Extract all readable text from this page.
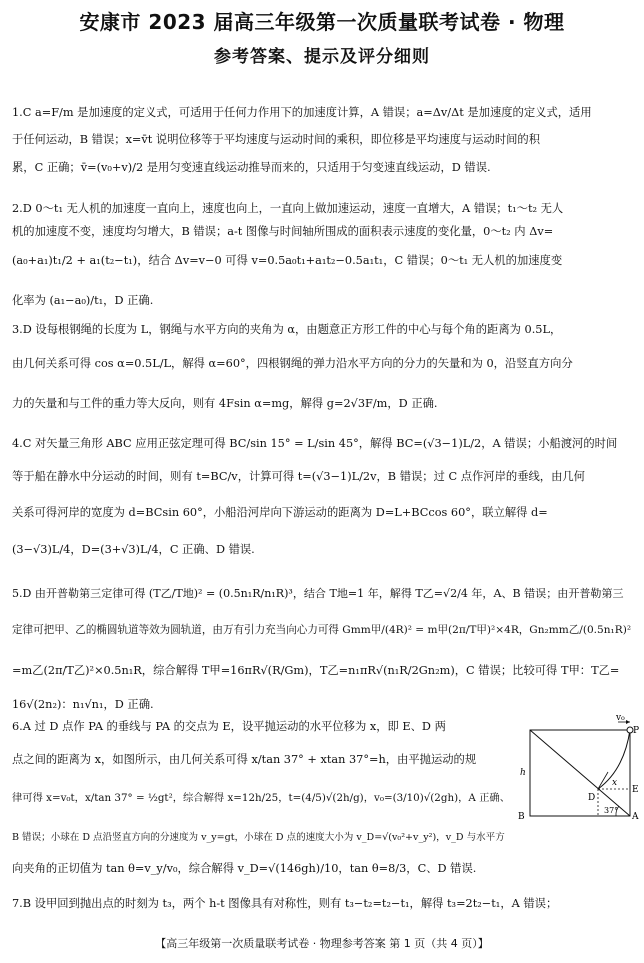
安康市 2023 届高三年级第一次质量联考试卷 · 物理
参考答案、提示及评分细则
1.C a=F/m 是加速度的定义式，可适用于任何力作用下的加速度计算，A 错误；a=Δv/Δt 是加速度的定义式，适用
于任何运动，B 错误；x=v̄t 说明位移等于平均速度与运动时间的乘积，即位移是平均速度与运动时间的积
累，C 正确；v̄=(v₀+v)/2 是用匀变速直线运动推导而来的，只适用于匀变速直线运动，D 错误.
2.D 0～t₁ 无人机的加速度一直向上，速度也向上，一直向上做加速运动，速度一直增大，A 错误；t₁～t₂ 无人
机的加速度不变，速度均匀增大，B 错误；a-t 图像与时间轴所围成的面积表示速度的变化量，0～t₂ 内 Δv=
(a₀+a₁)t₁/2 + a₁(t₂−t₁)，结合 Δv=v−0 可得 v=0.5a₀t₁+a₁t₂−0.5a₁t₁，C 错误；0～t₁ 无人机的加速度变
化率为 (a₁−a₀)/t₁，D 正确.
3.D 设每根钢绳的长度为 L，钢绳与水平方向的夹角为 α，由题意正方形工件的中心与每个角的距离为 0.5L，
由几何关系可得 cos α=0.5L/L，解得 α=60°，四根钢绳的弹力沿水平方向的分力的矢量和为 0，沿竖直方向分
力的矢量和与工件的重力等大反向，则有 4Fsin α=mg，解得 g=2√3F/m，D 正确.
4.C 对矢量三角形 ABC 应用正弦定理可得 BC/sin 15° = L/sin 45°，解得 BC=(√3−1)L/2，A 错误；小船渡河的时间
等于船在静水中分运动的时间，则有 t=BC/v，计算可得 t=(√3−1)L/2v，B 错误；过 C 点作河岸的垂线，由几何
关系可得河岸的宽度为 d=BCsin 60°，小船沿河岸向下游运动的距离为 D=L+BCcos 60°，联立解得 d=
(3−√3)L/4，D=(3+√3)L/4，C 正确、D 错误.
5.D 由开普勒第三定律可得 (T乙/T地)² = (0.5n₁R/n₁R)³，结合 T地=1 年，解得 T乙=√2/4 年，A、B 错误；由开普勒第三
定律可把甲、乙的椭圆轨道等效为圆轨道，由万有引力充当向心力可得 Gmm甲/(4R)² = m甲(2π/T甲)²×4R，Gn₂mm乙/(0.5n₁R)²
=m乙(2π/T乙)²×0.5n₁R，综合解得 T甲=16πR√(R/Gm)，T乙=n₁πR√(n₁R/2Gn₂m)，C 错误；比较可得 T甲：T乙=
16√(2n₂)：n₁√n₁，D 正确.
6.A 过 D 点作 PA 的垂线与 PA 的交点为 E，设平抛运动的水平位移为 x，即 E、D 两
点之间的距离为 x，如图所示，由几何关系可得 x/tan 37° + xtan 37°=h，由平抛运动的规
律可得 x=v₀t，x/tan 37° = ½gt²，综合解得 x=12h/25，t=(4/5)√(2h/g)，v₀=(3/10)√(2gh)，A 正确、
B 错误；小球在 D 点沿竖直方向的分速度为 v_y=gt，小球在 D 点的速度大小为 v_D=√(v₀²+v_y²)，v_D 与水平方
向夹角的正切值为 tan θ=v_y/v₀，综合解得 v_D=√(146gh)/10，tan θ=8/3，C、D 错误.
7.B 设甲回到抛出点的时刻为 t₃，两个 h-t 图像具有对称性，则有 t₃−t₂=t₂−t₁，解得 t₃=2t₂−t₁，A 错误；
v₀
P
h
x
D
E
B	A
37°
【高三年级第一次质量联考试卷 · 物理参考答案 第 1 页（共 4 页）】
